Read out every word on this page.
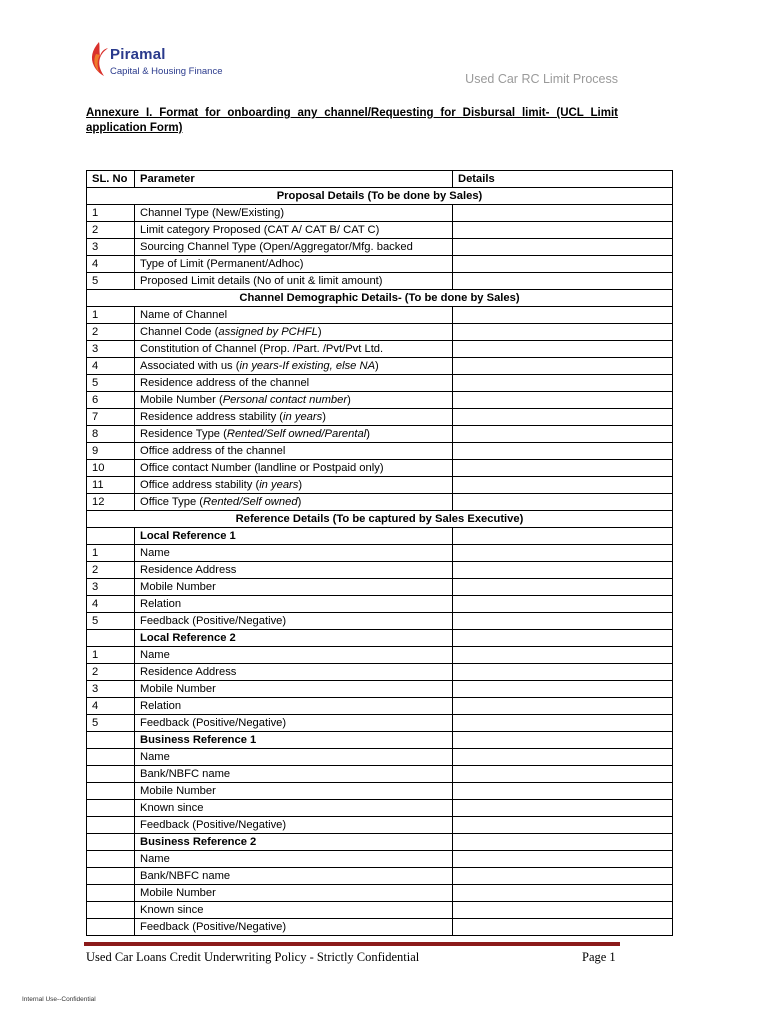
Piramal
Capital & Housing Finance
Used Car RC Limit Process
Annexure I. Format for onboarding any channel/Requesting for Disbursal limit- (UCL Limit application Form)
SL. No	Parameter	Details
Proposal Details (To be done by Sales)		
1	Channel Type (New/Existing)	
2	Limit category Proposed (CAT A/ CAT B/ CAT C)	
3	Sourcing Channel Type (Open/Aggregator/Mfg. backed	
4	Type of Limit (Permanent/Adhoc)	
5	Proposed Limit details (No of unit & limit amount)	
Channel Demographic Details- (To be done by Sales)		
1	Name of Channel	
2	Channel Code (assigned by PCHFL)	
3	Constitution of Channel (Prop. /Part. /Pvt/Pvt Ltd.	
4	Associated with us (in years-If existing, else NA)	
5	Residence address of the channel	
6	Mobile Number (Personal contact number)	
7	Residence address stability (in years)	
8	Residence Type (Rented/Self owned/Parental)	
9	Office address of the channel	
10	Office contact Number (landline or Postpaid only)	
11	Office address stability (in years)	
12	Office Type (Rented/Self owned)	
Reference Details (To be captured by Sales Executive)		
	Local Reference 1	
1	Name	
2	Residence Address	
3	Mobile Number	
4	Relation	
5	Feedback (Positive/Negative)	
	Local Reference 2	
1	Name	
2	Residence Address	
3	Mobile Number	
4	Relation	
5	Feedback (Positive/Negative)	
	Business Reference 1	
	Name	
	Bank/NBFC name	
	Mobile Number	
	Known since	
	Feedback (Positive/Negative)	
	Business Reference 2	
	Name	
	Bank/NBFC name	
	Mobile Number	
	Known since	
	Feedback (Positive/Negative)	
Used Car Loans Credit Underwriting Policy - Strictly Confidential	Page 1
Internal Use--Confidential
